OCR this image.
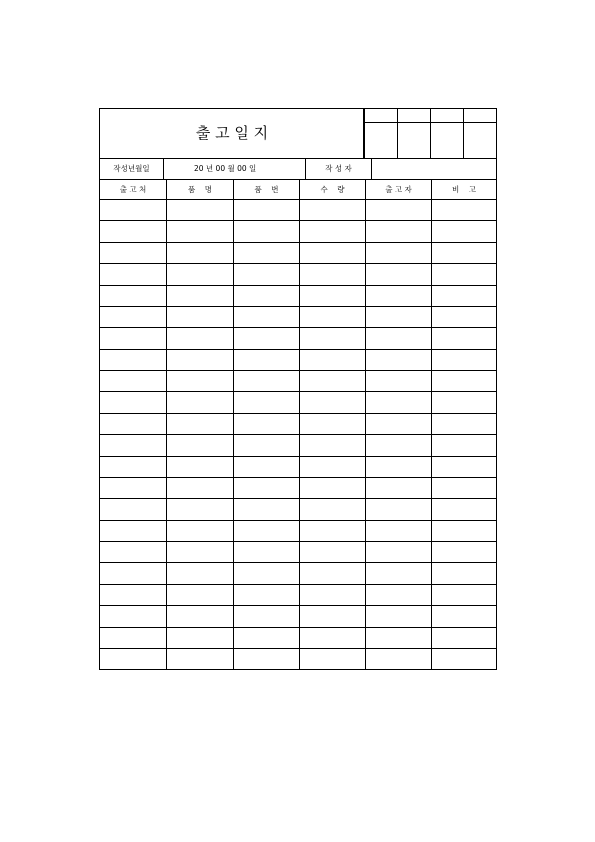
출 고 일 지
작성년월일	20 년 00 월 00 일	작 성 자
출 고 처	품    명	품    번	수    량	출 고 자	비    고
